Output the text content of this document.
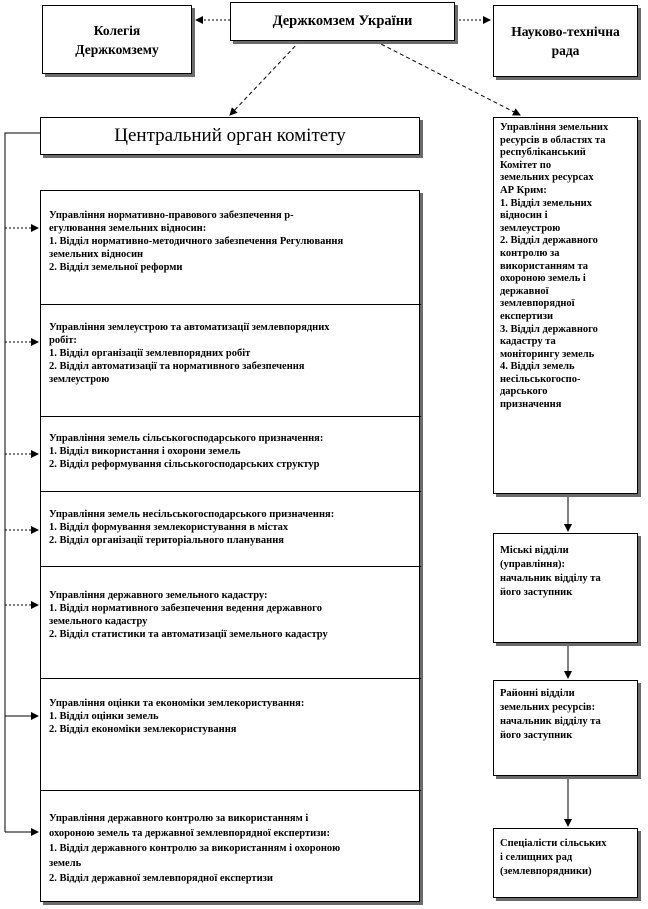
Колегія
Держкомзему
Держкомзем України
Науково-технічна
рада
Центральний орган комітету
Управління нормативно-правового забезпечення р-
егулювання земельних відносин:
1. Відділ нормативно-методичного забезпечення Регулювання
земельних відносин
2. Відділ земельної реформи
Управління землеустрою та автоматизації землевпорядних
робіт:
1. Відділ організації землевпорядних робіт
2. Відділ автоматизації та нормативного забезпечення
землеустрою
Управління земель сільськогосподарського призначення:
1. Відділ використання і охорони земель
2. Відділ реформування сільськогосподарських структур
Управління земель несільськогосподарського призначення:
1. Відділ формування землекористування в містах
2. Відділ організації територіального планування
Управління державного земельного кадастру:
1. Відділ нормативного забезпечення ведення державного
земельного кадастру
2. Відділ статистики та автоматизації земельного кадастру
Управління оцінки та економіки землекористування:
1. Відділ оцінки земель
2. Відділ економіки землекористування
Управління державного контролю за використанням і
охороною земель та державної землевпорядної експертизи:
1. Відділ державного контролю за використанням і охороною
земель
2. Відділ державної землевпорядної експертизи
Управління земельних
ресурсів в областях та
республіканський
Комітет по
земельних ресурсах
АР Крим:
1. Відділ земельних
відносин і
землеустрою
2. Відділ державного
контролю за
використанням та
охороною земель і
державної
землевпорядної
експертизи
3. Відділ державного
кадастру та
моніторингу земель
4. Відділ земель
несільськогоспо-
дарського
призначення
Міські відділи
(управління):
начальник відділу та
його заступник
Районні відділи
земельних ресурсів:
начальник відділу та
його заступник
Спеціалісти сільських
і селищних рад
(землевпорядники)
